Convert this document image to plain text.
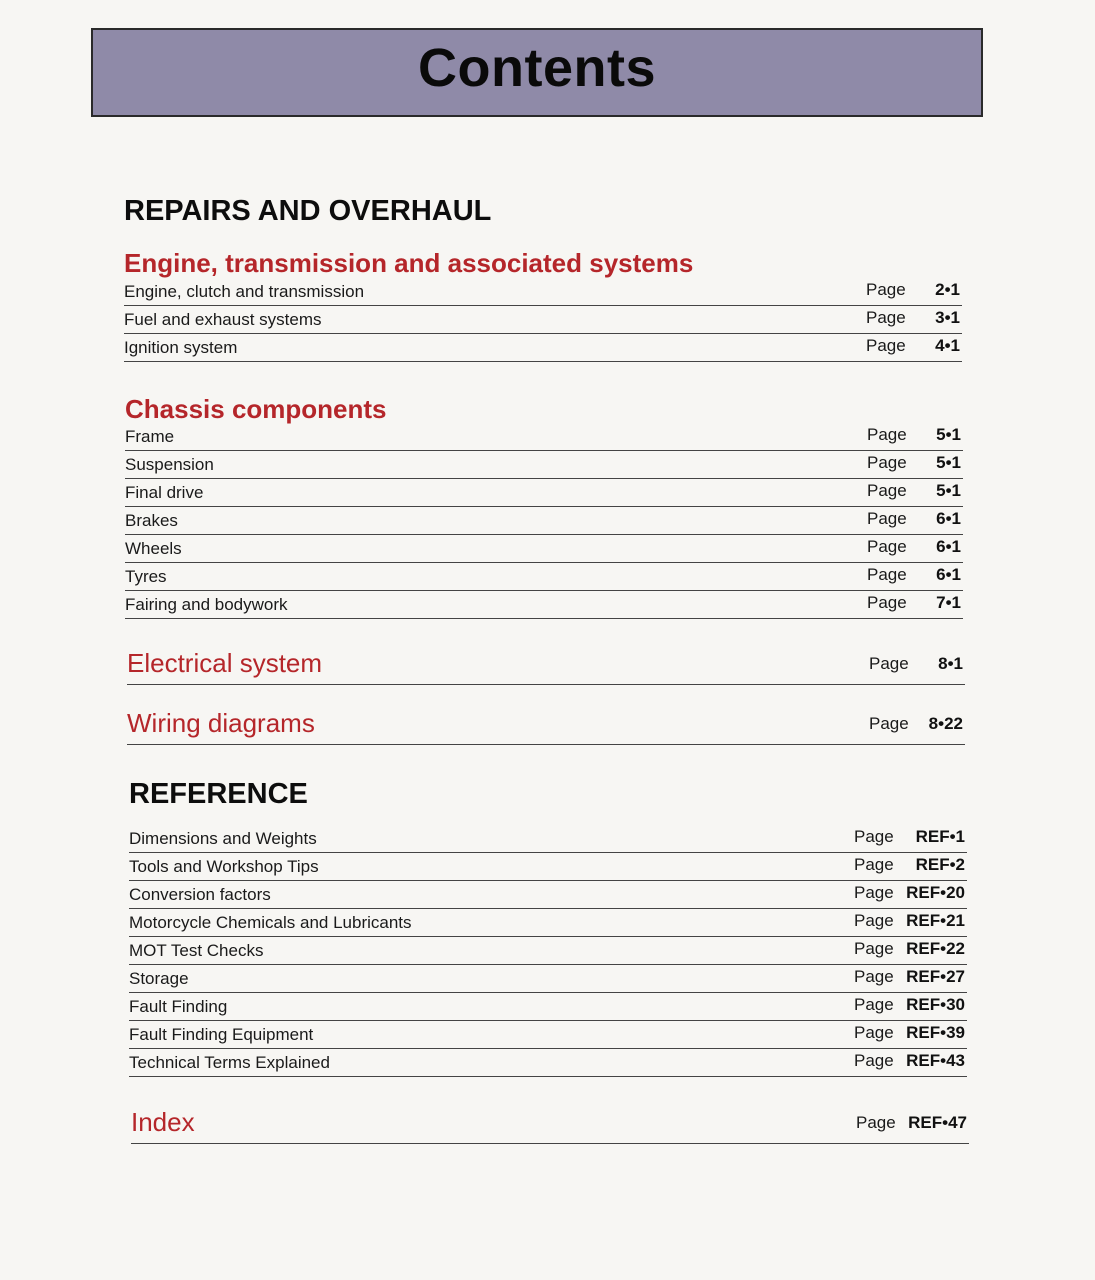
Contents
REPAIRS AND OVERHAUL
Engine, transmission and associated systems
Engine, clutch and transmission	Page 2•1
Fuel and exhaust systems	Page 3•1
Ignition system	Page 4•1
Chassis components
Frame	Page 5•1
Suspension	Page 5•1
Final drive	Page 5•1
Brakes	Page 6•1
Wheels	Page 6•1
Tyres	Page 6•1
Fairing and bodywork	Page 7•1
Electrical system	Page 8•1
Wiring diagrams	Page 8•22
REFERENCE
Dimensions and Weights	Page REF•1
Tools and Workshop Tips	Page REF•2
Conversion factors	Page REF•20
Motorcycle Chemicals and Lubricants	Page REF•21
MOT Test Checks	Page REF•22
Storage	Page REF•27
Fault Finding	Page REF•30
Fault Finding Equipment	Page REF•39
Technical Terms Explained	Page REF•43
Index	Page REF•47
